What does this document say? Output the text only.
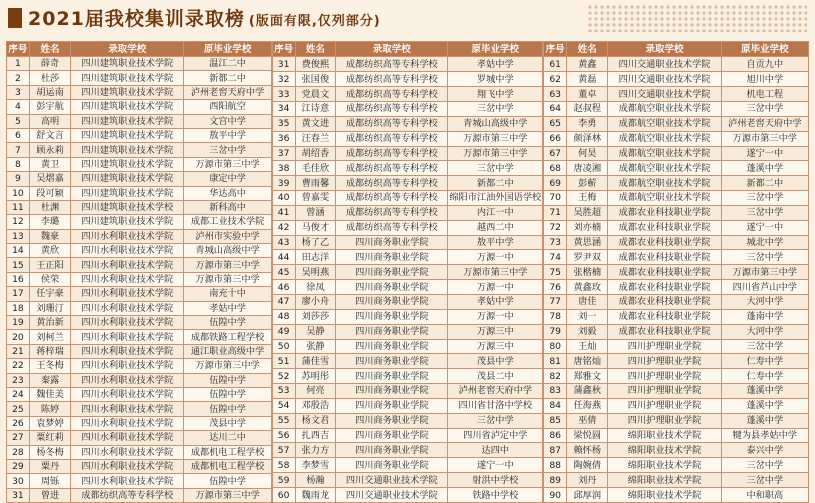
2021届我校集训录取榜 (版面有限,仅列部分)
序号	姓名	录取学校	原毕业学校
1	薛奇	四川建筑职业技术学院	温江二中
2	杜莎	四川建筑职业技术学院	新都二中
3	胡运南	四川建筑职业技术学院	泸州老窖天府中学
4	彭宇航	四川建筑职业技术学院	西阳航空
5	高明	四川建筑职业技术学院	文宫中学
6	舒文言	四川建筑职业技术学院	敖平中学
7	顾永莉	四川建筑职业技术学院	三岔中学
8	黄卫	四川建筑职业技术学院	万源市第三中学
9	吴熠嘉	四川建筑职业技术学院	康定中学
10	段可颖	四川建筑职业技术学院	华达高中
11	杜渊	四川建筑职业技术学校	新科高中
12	李璐	四川建筑职业技术学院	成都工业技术学院
13	魏豪	四川水利职业技术学院	泸州市实验中学
14	黄欣	四川水利职业技术学院	青城山高级中学
15	王正阳	四川水利职业技术学院	万源市第三中学
16	侯荣	四川水利职业技术学院	万源市第三中学
17	任宇豪	四川水利职业技术学院	南充十中
18	刘珊汀	四川水利职业技术学院	孝姑中学
19	黄治新	四川水利职业技术学院	伍隍中学
20	刘柯兰	四川水利职业技术学院	成都铁路工程学校
21	蒋梓瑞	四川水利职业技术学院	通江职业高级中学
22	王冬梅	四川水利职业技术学院	万源市第三中学
23	秦露	四川水利职业技术学院	伍隍中学
24	魏佳美	四川水利职业技术学院	伍隍中学
25	陈婷	四川水利职业技术学院	伍隍中学
26	袁梦婷	四川水利职业技术学院	茂县中学
27	粟红莉	四川水利职业技术学院	达川二中
28	杨冬梅	四川水利职业技术学院	成都机电工程学校
29	粟丹	四川水利职业技术学院	成都机电工程学校
30	周铄	四川水利职业技术学院	伍隍中学
31	曾进	成都纺织高等专科学校	万源市第三中学
序号	姓名	录取学校	原毕业学校
31	费俊熙	成都纺织高等专科学校	孝姑中学
32	张国俊	成都纺织高等专科学校	罗城中学
33	党晨文	成都纺织高等专科学校	翔飞中学
34	江诗意	成都纺织高等专科学校	三岔中学
35	黄文进	成都纺织高等专科学校	青城山高级中学
36	汪春兰	成都纺织高等专科学校	万源市第三中学
37	胡绍香	成都纺织高等专科学校	万源市第三中学
38	毛佳欣	成都纺织高等专科学校	三岔中学
39	曹雨馨	成都纺织高等专科学校	新都二中
40	曾嘉雯	成都纺织高等专科学校	绵阳市江油外国语学校
41	曾涵	成都纺织高等专科学校	内江一中
42	马俊才	成都纺织高等专科学校	越西二中
43	杨了乙	四川商务职业学院	敖平中学
44	田志洋	四川商务职业学院	万源一中
45	吴明燕	四川商务职业学院	万源市第三中学
46	徐凤	四川商务职业学院	万源一中
47	廖小舟	四川商务职业学院	孝姑中学
48	刘莎莎	四川商务职业学院	万源一中
49	吴静	四川商务职业学院	万源三中
50	张静	四川商务职业学院	万源三中
51	蒲佳雪	四川商务职业学院	茂县中学
52	苏明彤	四川商务职业学院	茂县二中
53	何亮	四川商务职业学院	泸州老窖天府中学
54	邓殷浩	四川商务职业学院	四川省甘洛中学校
55	杨文君	四川商务职业学院	三岔中学
56	扎西吉	四川商务职业学院	四川省泸定中学
57	张力方	四川商务职业学院	达四中
58	李梦雪	四川商务职业学院	遂宁一中
59	杨瀚	四川交通职业技术学院	射洪中学校
60	魏雨龙	四川交通职业技术学院	铁路中学校
序号	姓名	录取学校	原毕业学校
61	黄鑫	四川交通职业技术学院	自贡九中
62	黄磊	四川交通职业技术学院	旭川中学
63	董卓	四川交通职业技术学院	机电工程
64	赵叔程	成都航空职业技术学院	三岔中学
65	李勇	成都航空职业技术学院	泸州老窖天府中学
66	颜泽林	成都航空职业技术学院	万源市第三中学
67	何昊	成都航空职业技术学院	遂宁一中
68	唐凌湘	成都航空职业技术学院	蓬溪中学
69	彭蕲	成都航空职业技术学院	新都二中
70	王梅	成都航空职业技术学院	三岔中学
71	吴胜超	成都农业科技职业学院	三岔中学
72	刘亦楠	成都农业科技职业学院	遂宁一中
73	黄思涵	成都农业科技职业学院	城北中学
74	罗尹双	成都农业科技职业学院	三岔中学
75	张楷楠	成都农业科技职业学院	万源市第三中学
76	黄鑫玫	成都农业科技职业学院	四川省芦山中学
77	唐佳	成都农业科技职业学院	大河中学
78	刘一	成都农业科技职业学院	蓬南中学
79	刘毅	成都农业科技职业学院	大河中学
80	王灿	四川护理职业学院	三岔中学
81	唐铭灿	四川护理职业学院	仁寿中学
82	郑雅文	四川护理职业学院	仁寿中学
83	蒲鑫秋	四川护理职业学院	蓬溪中学
84	任海燕	四川护理职业学院	蓬溪中学
85	巫倩	四川护理职业学院	蓬溪中学
86	梁悦圆	绵阳职业技术学院	犍为县孝姑中学
87	赖怀杨	绵阳职业技术学院	泰兴中学
88	陶婉倩	绵阳职业技术学院	三岔中学
89	刘丹	绵阳职业技术学院	三岔中学
90	邱厚润	绵阳职业技术学院	中和职高
